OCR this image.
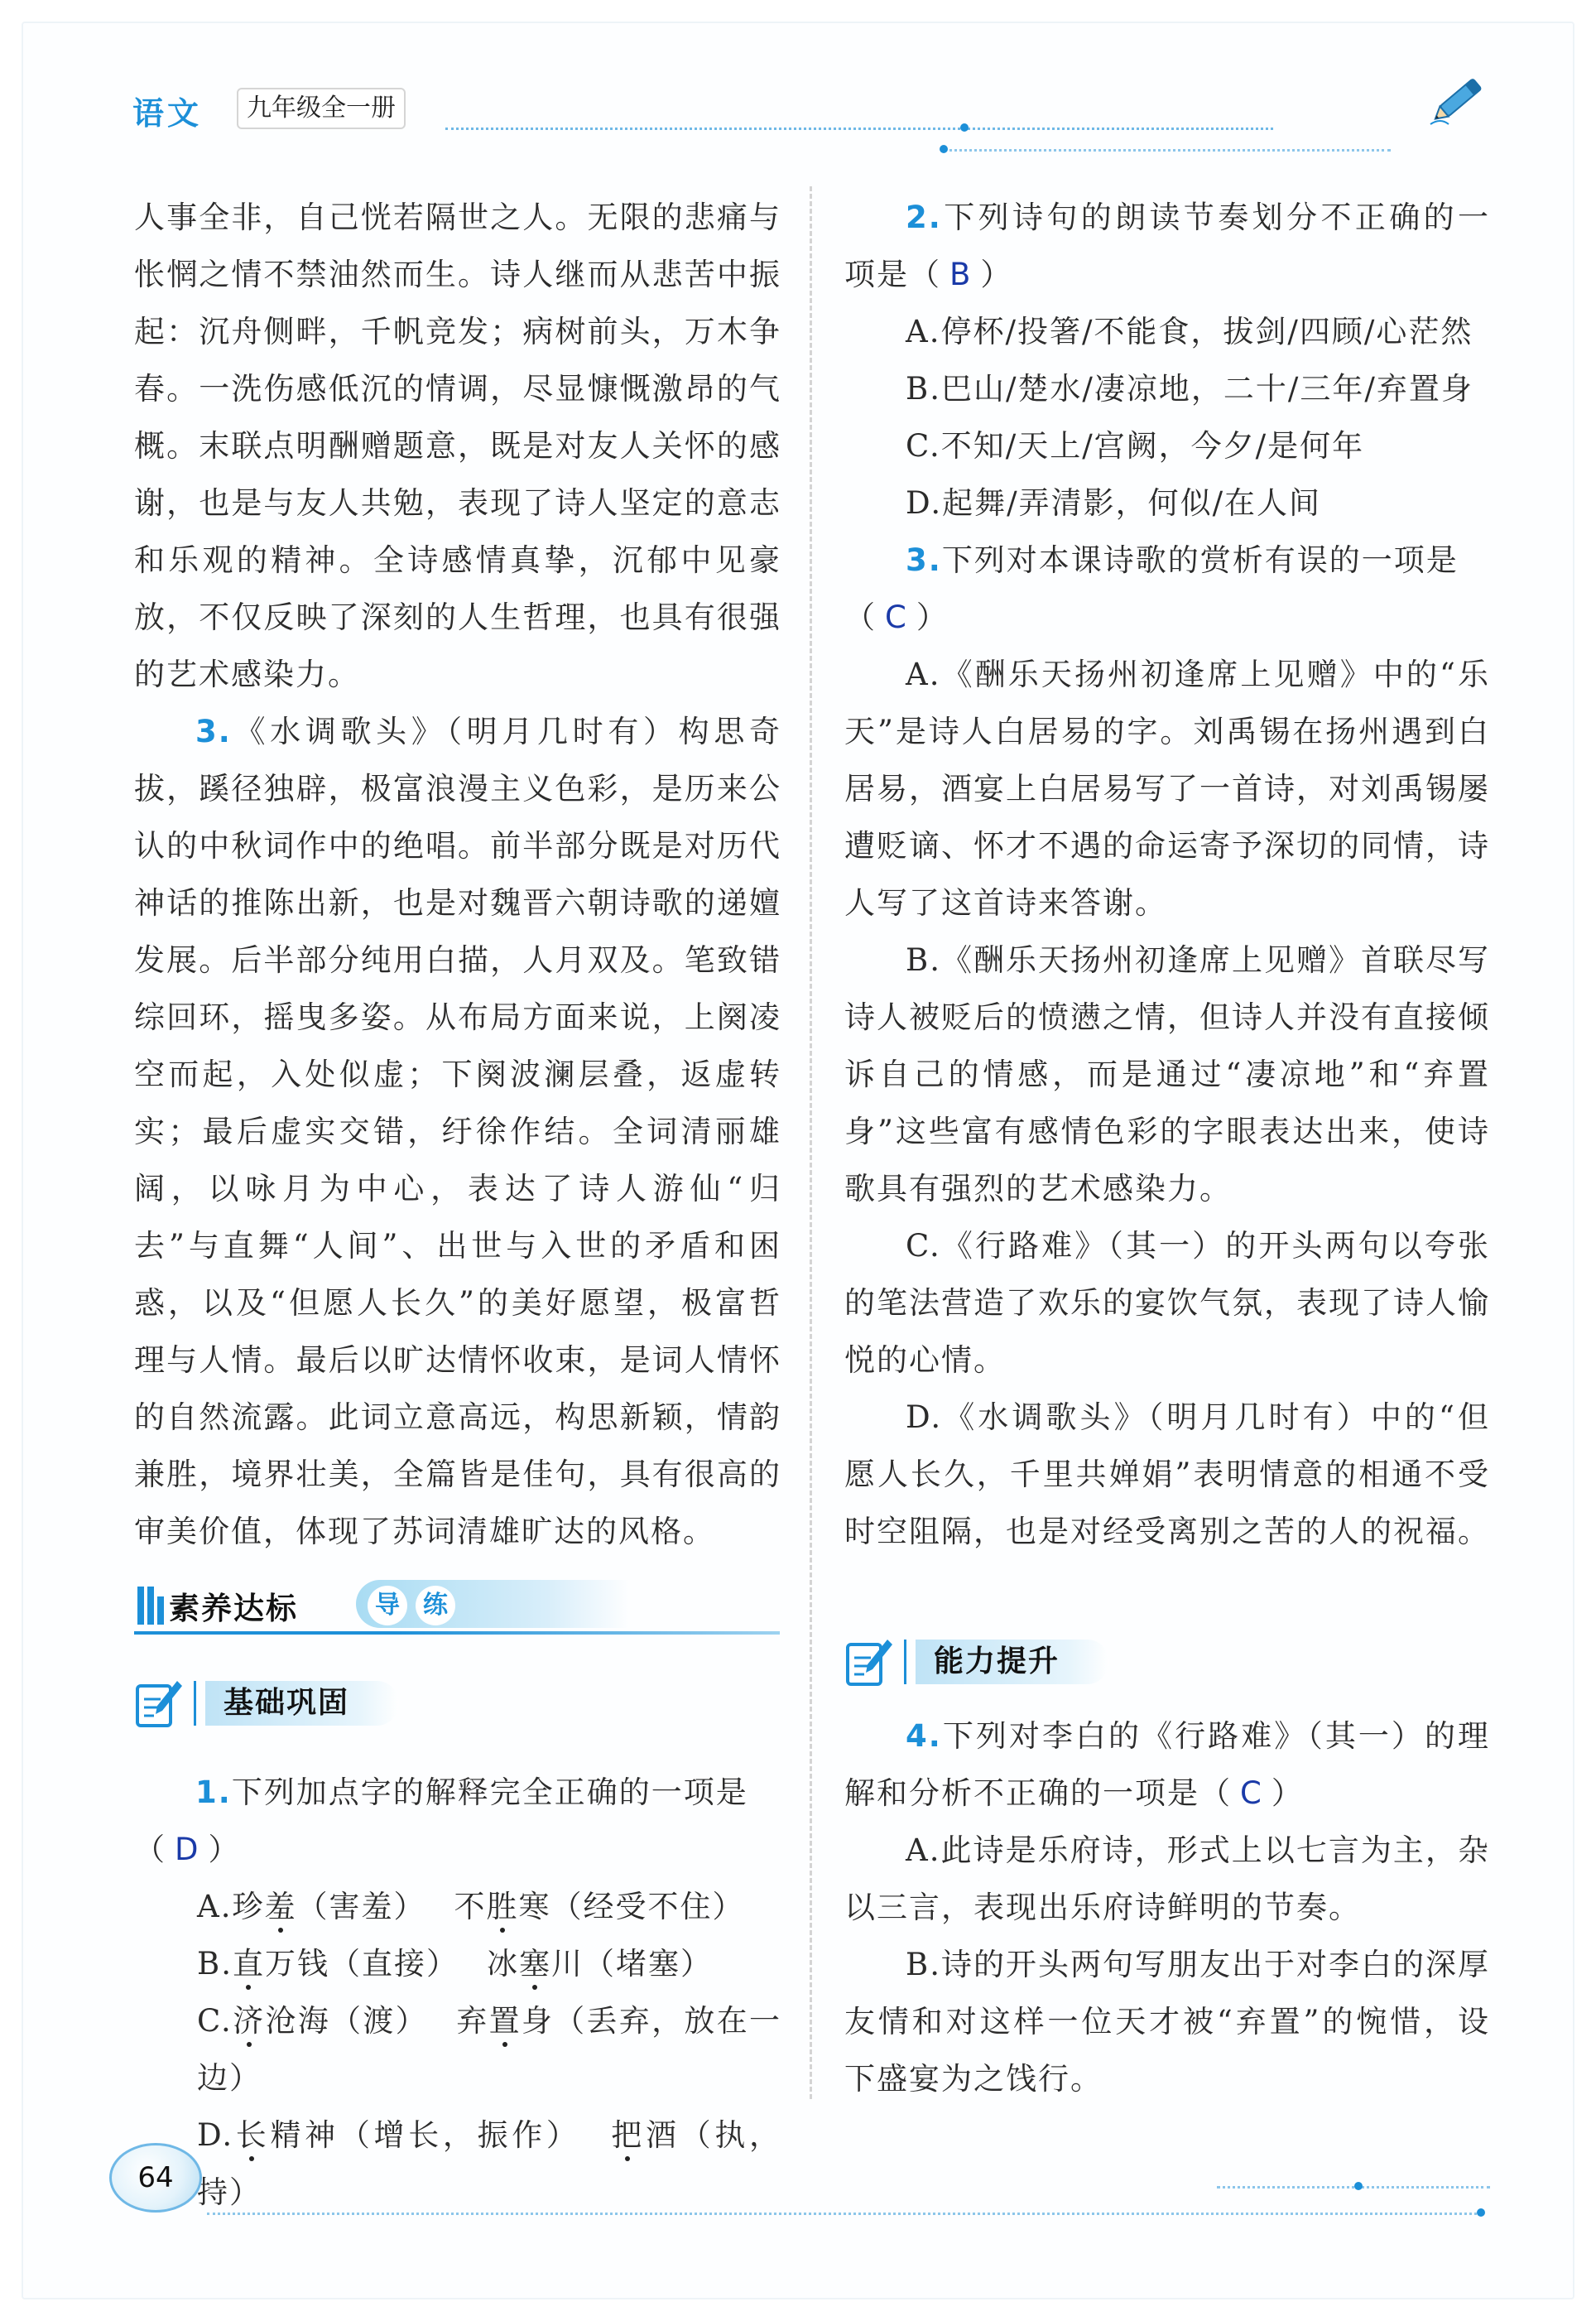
语文	九年级全一册

人事全非，自己恍若隔世之人。无限的悲痛与怅惘之情不禁油然而生。诗人继而从悲苦中振起：沉舟侧畔，千帆竞发；病树前头，万木争春。一洗伤感低沉的情调，尽显慷慨激昂的气概。末联点明酬赠题意，既是对友人关怀的感谢，也是与友人共勉，表现了诗人坚定的意志和乐观的精神。全诗感情真挚，沉郁中见豪放，不仅反映了深刻的人生哲理，也具有很强的艺术感染力。

3.《水调歌头》（明月几时有）构思奇拔，蹊径独辟，极富浪漫主义色彩，是历来公认的中秋词作中的绝唱。前半部分既是对历代神话的推陈出新，也是对魏晋六朝诗歌的递嬗发展。后半部分纯用白描，人月双及。笔致错综回环，摇曳多姿。从布局方面来说，上阕凌空而起，入处似虚；下阕波澜层叠，返虚转实；最后虚实交错，纡徐作结。全词清丽雄阔，以咏月为中心，表达了诗人游仙“归去”与直舞“人间”、出世与入世的矛盾和困惑，以及“但愿人长久”的美好愿望，极富哲理与人情。最后以旷达情怀收束，是词人情怀的自然流露。此词立意高远，构思新颖，情韵兼胜，境界壮美，全篇皆是佳句，具有很高的审美价值，体现了苏词清雄旷达的风格。

素养达标	导 练
基础巩固

1.下列加点字的解释完全正确的一项是

（ D ）

A.珍羞（害羞） 不胜寒（经受不住）

B.直万钱（直接） 冰塞川（堵塞）

C.济沧海（渡） 弃置身（丢弃，放在一边）

D.长精神（增长，振作） 把酒（执，持）

2.下列诗句的朗读节奏划分不正确的一项是（ B ）

A.停杯/投箸/不能食，拔剑/四顾/心茫然

B.巴山/楚水/凄凉地，二十/三年/弃置身

C.不知/天上/宫阙，今夕/是何年

D.起舞/弄清影，何似/在人间

3.下列对本课诗歌的赏析有误的一项是

（ C ）

A.《酬乐天扬州初逢席上见赠》中的“乐天”是诗人白居易的字。刘禹锡在扬州遇到白居易，酒宴上白居易写了一首诗，对刘禹锡屡遭贬谪、怀才不遇的命运寄予深切的同情，诗人写了这首诗来答谢。

B.《酬乐天扬州初逢席上见赠》首联尽写诗人被贬后的愤懑之情，但诗人并没有直接倾诉自己的情感，而是通过“凄凉地”和“弃置身”这些富有感情色彩的字眼表达出来，使诗歌具有强烈的艺术感染力。

C.《行路难》（其一）的开头两句以夸张的笔法营造了欢乐的宴饮气氛，表现了诗人愉悦的心情。

D.《水调歌头》（明月几时有）中的“但愿人长久，千里共婵娟”表明情意的相通不受时空阻隔，也是对经受离别之苦的人的祝福。

能力提升

4.下列对李白的《行路难》（其一）的理解和分析不正确的一项是（ C ）

A.此诗是乐府诗，形式上以七言为主，杂以三言，表现出乐府诗鲜明的节奏。

B.诗的开头两句写朋友出于对李白的深厚友情和对这样一位天才被“弃置”的惋惜，设下盛宴为之饯行。

64
